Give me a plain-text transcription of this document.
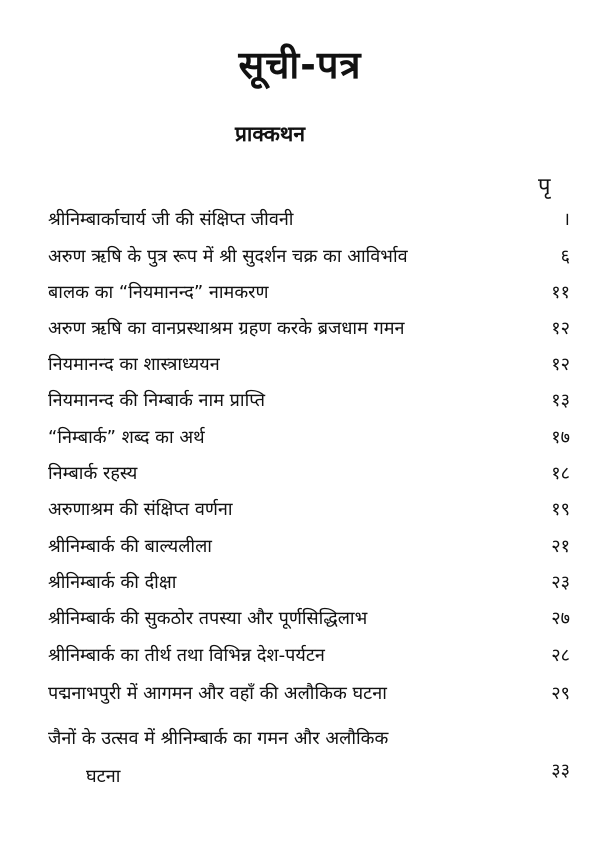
सूची-पत्र
प्राक्कथन
पृ
श्रीनिम्बार्काचार्य जी की संक्षिप्त जीवनी	।
अरुण ऋषि के पुत्र रूप में श्री सुदर्शन चक्र का आविर्भाव	६
बालक का “नियमानन्द” नामकरण	११
अरुण ऋषि का वानप्रस्थाश्रम ग्रहण करके ब्रजधाम गमन	१२
नियमानन्द का शास्त्राध्ययन	१२
नियमानन्द की निम्बार्क नाम प्राप्ति	१३
“निम्बार्क” शब्द का अर्थ	१७
निम्बार्क रहस्य	१८
अरुणाश्रम की संक्षिप्त वर्णना	१९
श्रीनिम्बार्क की बाल्यलीला	२१
श्रीनिम्बार्क की दीक्षा	२३
श्रीनिम्बार्क की सुकठोर तपस्या और पूर्णसिद्धिलाभ	२७
श्रीनिम्बार्क का तीर्थ तथा विभिन्न देश-पर्यटन	२८
पद्मनाभपुरी में आगमन और वहाँ की अलौकिक घटना	२९
जैनों के उत्सव में श्रीनिम्बार्क का गमन और अलौकिक
घटना	३३
